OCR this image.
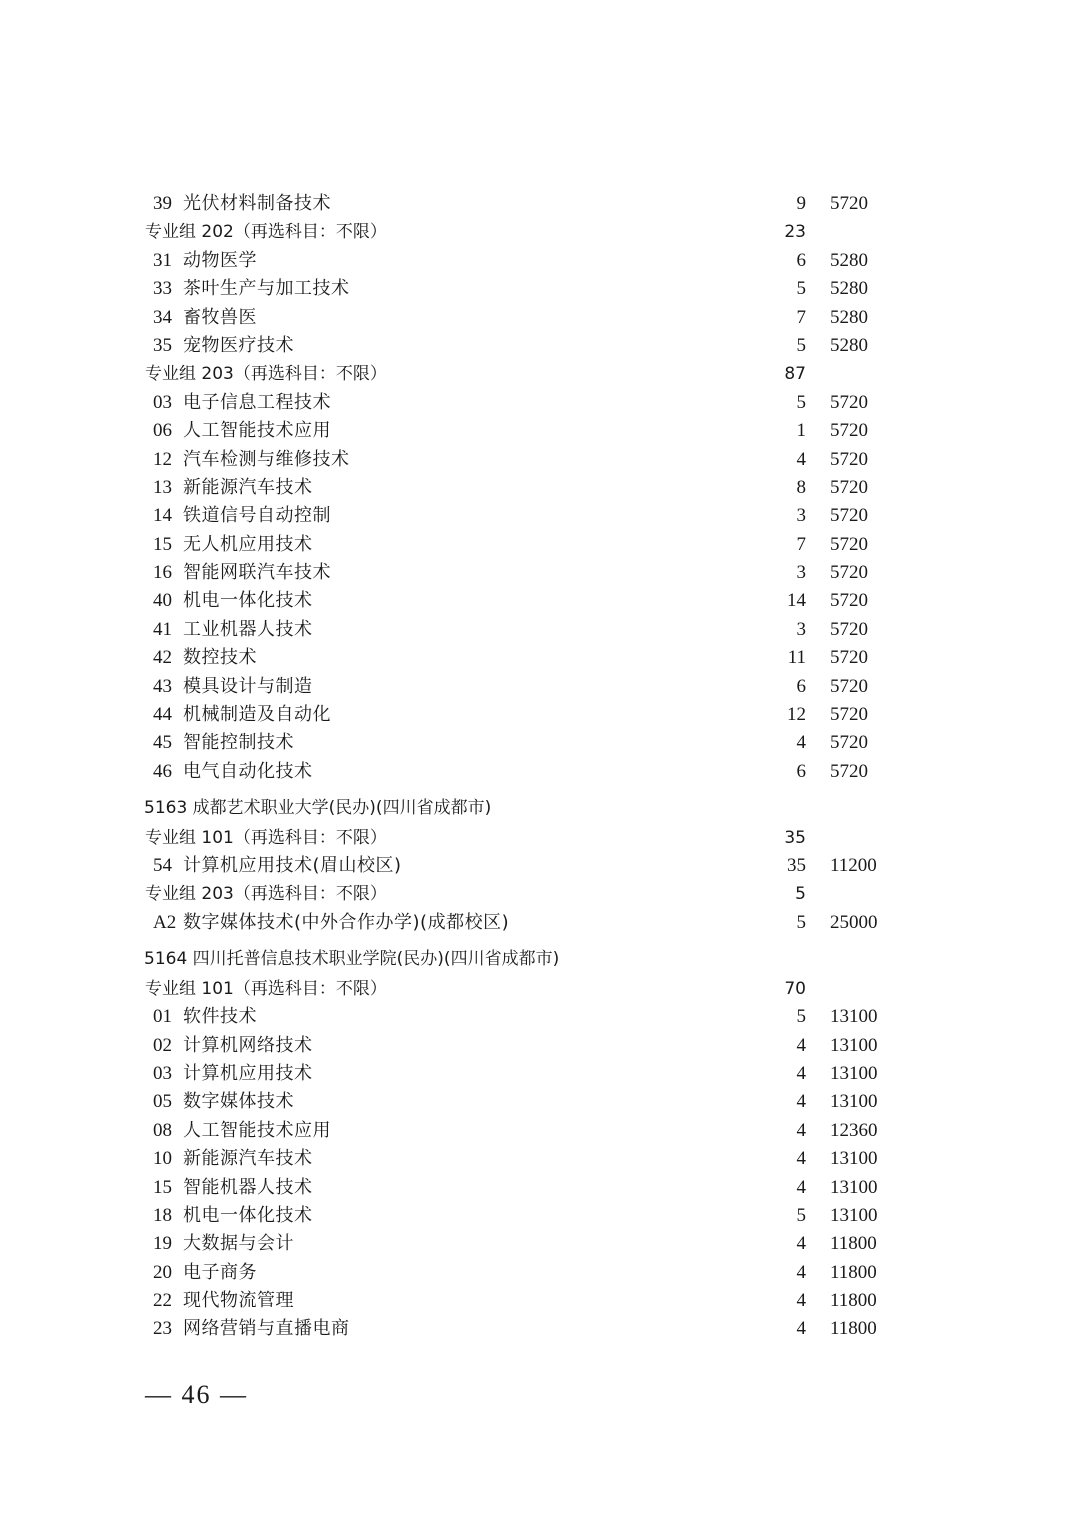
39 光伏材料制备技术	9 5720
专业组 202（再选科目：不限）	23
31 动物医学	6 5280
33 茶叶生产与加工技术	5 5280
34 畜牧兽医	7 5280
35 宠物医疗技术	5 5280
专业组 203（再选科目：不限）	87
03 电子信息工程技术	5 5720
06 人工智能技术应用	1 5720
12 汽车检测与维修技术	4 5720
13 新能源汽车技术	8 5720
14 铁道信号自动控制	3 5720
15 无人机应用技术	7 5720
16 智能网联汽车技术	3 5720
40 机电一体化技术	14 5720
41 工业机器人技术	3 5720
42 数控技术	11 5720
43 模具设计与制造	6 5720
44 机械制造及自动化	12 5720
45 智能控制技术	4 5720
46 电气自动化技术	6 5720
5163 成都艺术职业大学(民办)(四川省成都市)
专业组 101（再选科目：不限）	35
54 计算机应用技术(眉山校区)	35 11200
专业组 203（再选科目：不限）	5
A2 数字媒体技术(中外合作办学)(成都校区)	5 25000
5164 四川托普信息技术职业学院(民办)(四川省成都市)
专业组 101（再选科目：不限）	70
01 软件技术	5 13100
02 计算机网络技术	4 13100
03 计算机应用技术	4 13100
05 数字媒体技术	4 13100
08 人工智能技术应用	4 12360
10 新能源汽车技术	4 13100
15 智能机器人技术	4 13100
18 机电一体化技术	5 13100
19 大数据与会计	4 11800
20 电子商务	4 11800
22 现代物流管理	4 11800
23 网络营销与直播电商	4 11800
— 46 —
